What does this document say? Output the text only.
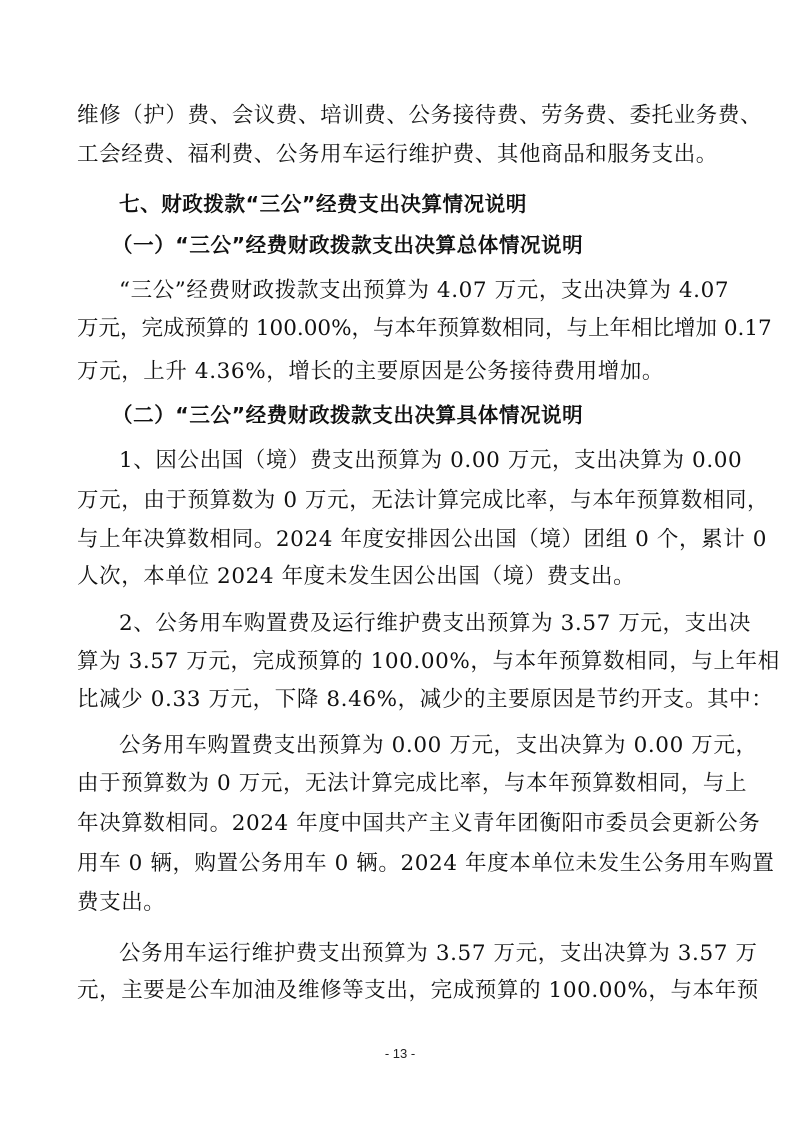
维修（护）费、会议费、培训费、公务接待费、劳务费、委托业务费、
工会经费、福利费、公务用车运行维护费、其他商品和服务支出。
七、财政拨款“三公”经费支出决算情况说明
（一）“三公”经费财政拨款支出决算总体情况说明
“三公”经费财政拨款支出预算为 4.07 万元，支出决算为 4.07
万元，完成预算的 100.00%，与本年预算数相同，与上年相比增加 0.17
万元，上升 4.36%，增长的主要原因是公务接待费用增加。
（二）“三公”经费财政拨款支出决算具体情况说明
1、因公出国（境）费支出预算为 0.00 万元，支出决算为 0.00
万元，由于预算数为 0 万元，无法计算完成比率，与本年预算数相同，
与上年决算数相同。2024 年度安排因公出国（境）团组 0 个，累计 0
人次，本单位 2024 年度未发生因公出国（境）费支出。
2、公务用车购置费及运行维护费支出预算为 3.57 万元，支出决
算为 3.57 万元，完成预算的 100.00%，与本年预算数相同，与上年相
比减少 0.33 万元，下降 8.46%，减少的主要原因是节约开支。其中：
公务用车购置费支出预算为 0.00 万元，支出决算为 0.00 万元，
由于预算数为 0 万元，无法计算完成比率，与本年预算数相同，与上
年决算数相同。2024 年度中国共产主义青年团衡阳市委员会更新公务
用车 0 辆，购置公务用车 0 辆。2024 年度本单位未发生公务用车购置
费支出。
公务用车运行维护费支出预算为 3.57 万元，支出决算为 3.57 万
元，主要是公车加油及维修等支出，完成预算的 100.00%，与本年预
- 13 -
